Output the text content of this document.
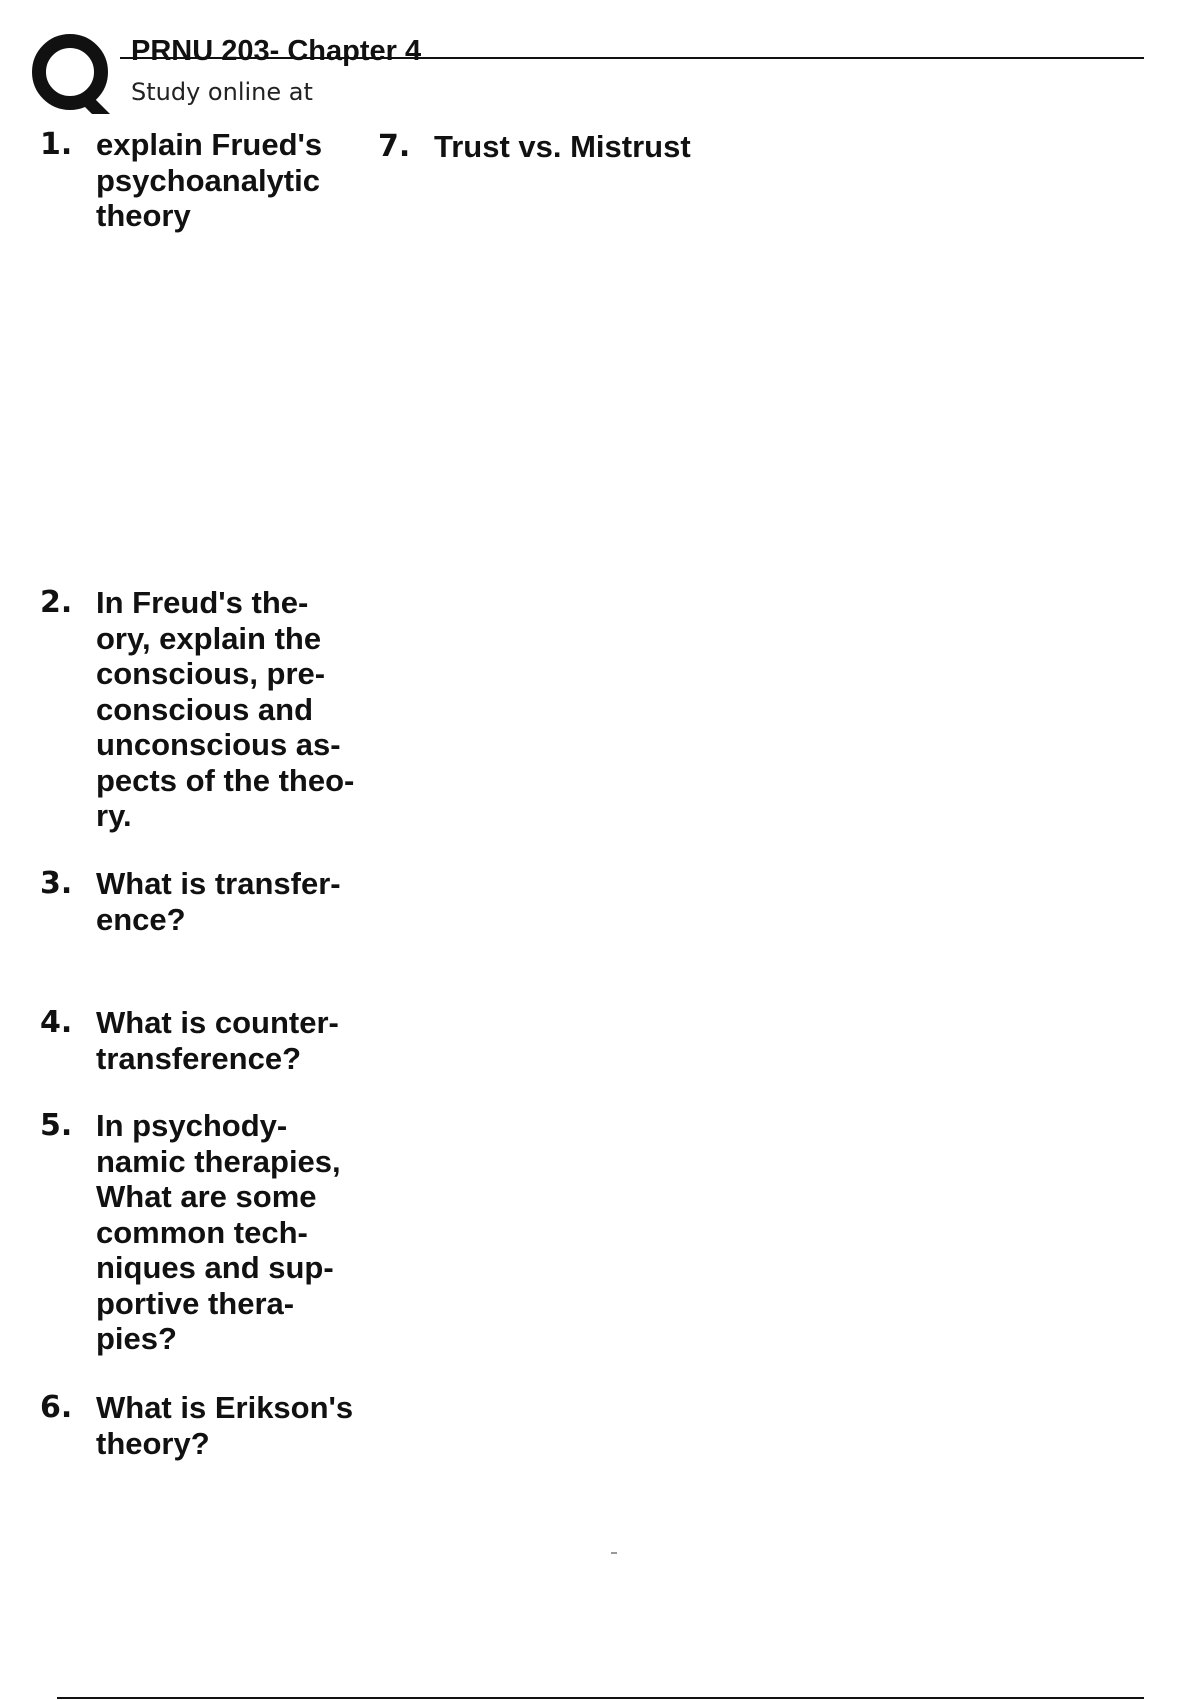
PRNU 203- Chapter 4
Study online at
1. explain Frued's psychoanalytic theory
2. In Freud's the- ory, explain the conscious, pre- conscious and unconscious as- pects of the theo- ry.
3. What is transfer- ence?
4. What is counter- transference?
5. In psychody- namic therapies, What are some common tech- niques and sup- portive thera- pies?
6. What is Erikson's theory?
7. Trust vs. Mistrust
